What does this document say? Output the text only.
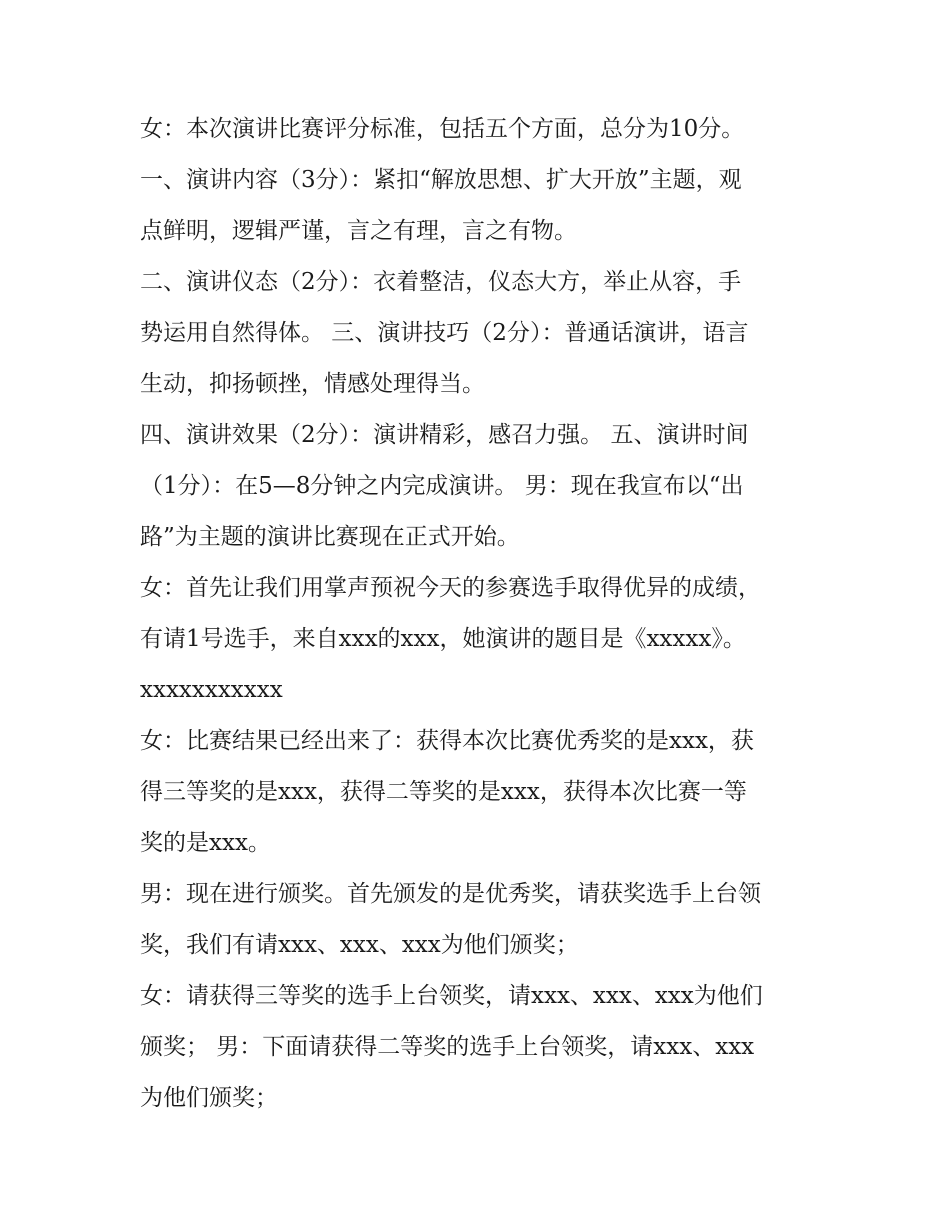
女：本次演讲比赛评分标准，包括五个方面，总分为10分。

一、演讲内容（3分）：紧扣“解放思想、扩大开放”主题，观

点鲜明，逻辑严谨，言之有理，言之有物。

二、演讲仪态（2分）：衣着整洁，仪态大方，举止从容，手

势运用自然得体。 三、演讲技巧（2分）：普通话演讲，语言

生动，抑扬顿挫，情感处理得当。

四、演讲效果（2分）：演讲精彩，感召力强。 五、演讲时间

（1分）：在5—8分钟之内完成演讲。 男：现在我宣布以“出

路”为主题的演讲比赛现在正式开始。

女：首先让我们用掌声预祝今天的参赛选手取得优异的成绩，

有请1号选手，来自xxx的xxx，她演讲的题目是《xxxxx》。

xxxxxxxxxxx

女：比赛结果已经出来了：获得本次比赛优秀奖的是xxx，获

得三等奖的是xxx，获得二等奖的是xxx，获得本次比赛一等

奖的是xxx。

男：现在进行颁奖。首先颁发的是优秀奖，请获奖选手上台领

奖，我们有请xxx、xxx、xxx为他们颁奖；

女：请获得三等奖的选手上台领奖，请xxx、xxx、xxx为他们

颁奖； 男：下面请获得二等奖的选手上台领奖，请xxx、xxx

为他们颁奖；
